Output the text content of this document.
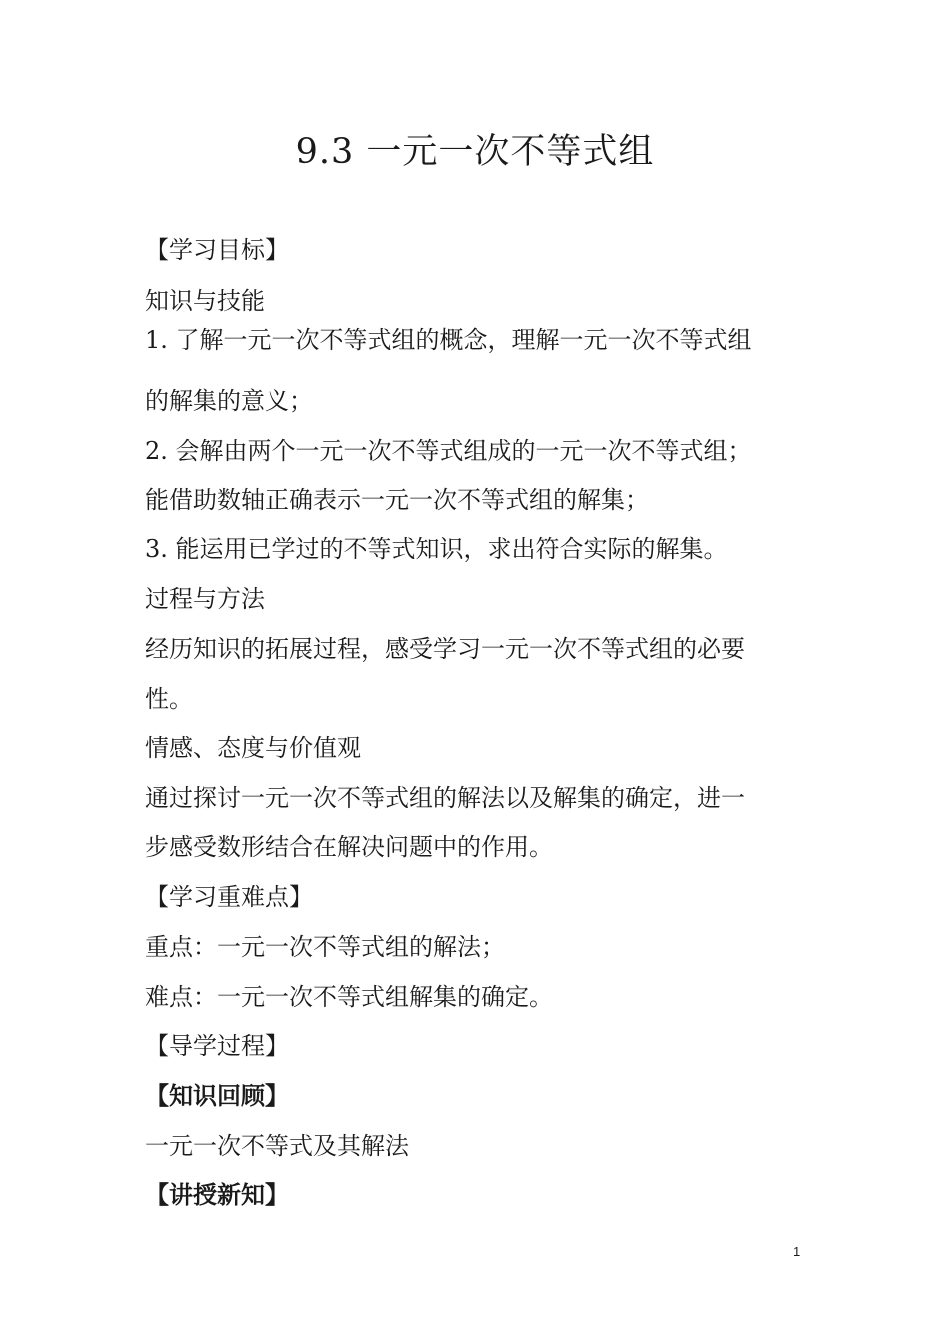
9.3 一元一次不等式组
【学习目标】
知识与技能
1. 了解一元一次不等式组的概念，理解一元一次不等式组
的解集的意义；
2. 会解由两个一元一次不等式组成的一元一次不等式组；
能借助数轴正确表示一元一次不等式组的解集；
3. 能运用已学过的不等式知识，求出符合实际的解集。
过程与方法
经历知识的拓展过程，感受学习一元一次不等式组的必要
性。
情感、态度与价值观
通过探讨一元一次不等式组的解法以及解集的确定，进一
步感受数形结合在解决问题中的作用。
【学习重难点】
重点：一元一次不等式组的解法；
难点：一元一次不等式组解集的确定。
【导学过程】
【知识回顾】
一元一次不等式及其解法
【讲授新知】
1
